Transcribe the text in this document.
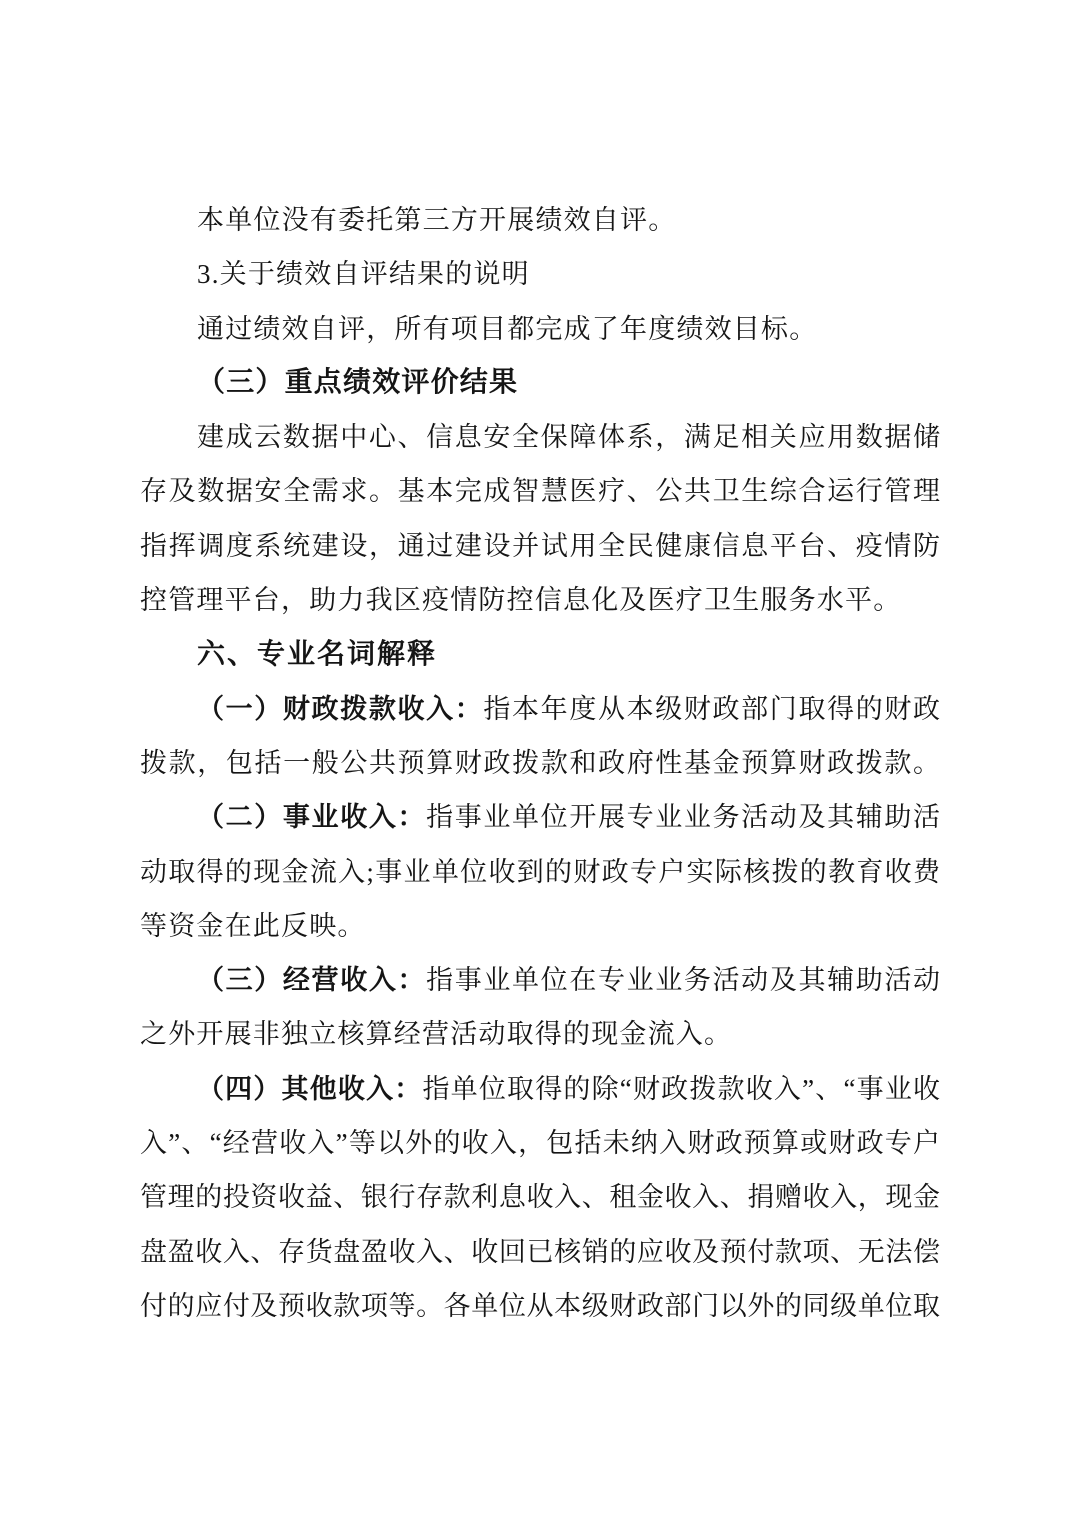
本单位没有委托第三方开展绩效自评。
3.关于绩效自评结果的说明
通过绩效自评，所有项目都完成了年度绩效目标。
（三）重点绩效评价结果
建成云数据中心、信息安全保障体系，满足相关应用数据储
存及数据安全需求。基本完成智慧医疗、公共卫生综合运行管理
指挥调度系统建设，通过建设并试用全民健康信息平台、疫情防
控管理平台，助力我区疫情防控信息化及医疗卫生服务水平。
六、专业名词解释
（一）财政拨款收入：指本年度从本级财政部门取得的财政
拨款，包括一般公共预算财政拨款和政府性基金预算财政拨款。
（二）事业收入：指事业单位开展专业业务活动及其辅助活
动取得的现金流入;事业单位收到的财政专户实际核拨的教育收费
等资金在此反映。
（三）经营收入：指事业单位在专业业务活动及其辅助活动
之外开展非独立核算经营活动取得的现金流入。
（四）其他收入：指单位取得的除“财政拨款收入”、“事业收
入”、“经营收入”等以外的收入，包括未纳入财政预算或财政专户
管理的投资收益、银行存款利息收入、租金收入、捐赠收入，现金
盘盈收入、存货盘盈收入、收回已核销的应收及预付款项、无法偿
付的应付及预收款项等。各单位从本级财政部门以外的同级单位取
